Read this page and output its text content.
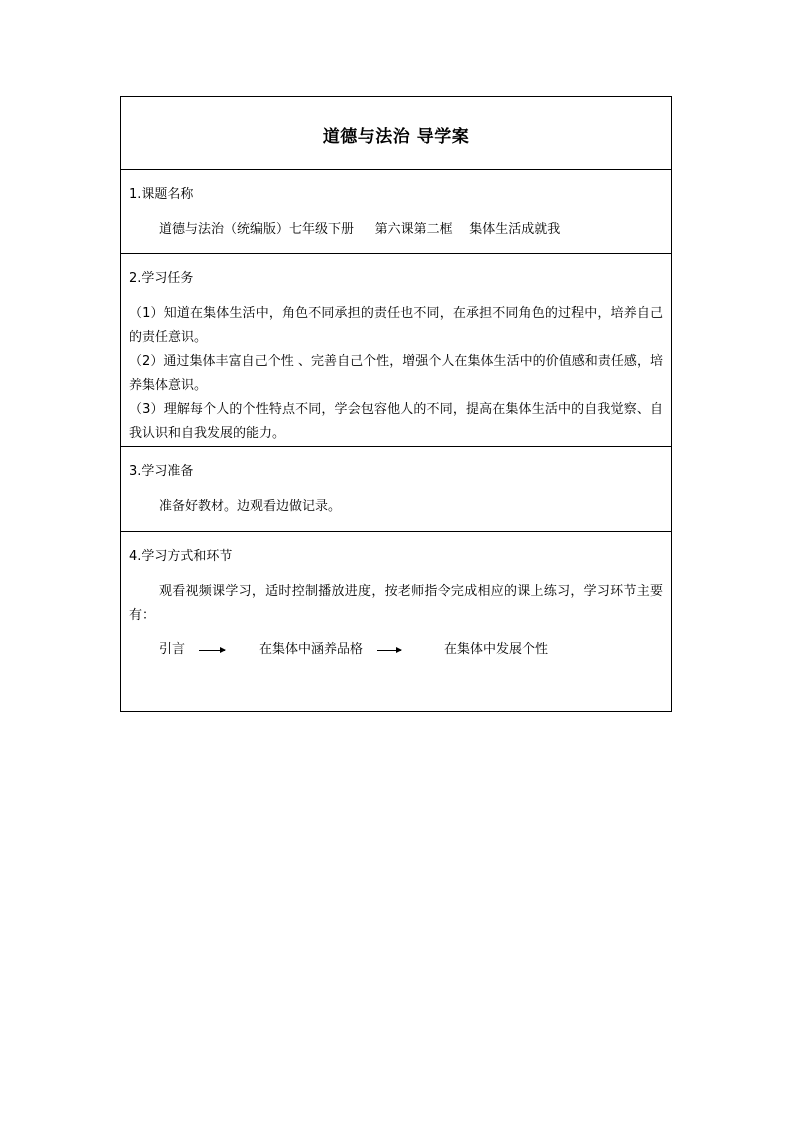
道德与法治 导学案
1.课题名称
道德与法治（统编版）七年级下册     第六课第二框    集体生活成就我
2.学习任务
（1）知道在集体生活中，角色不同承担的责任也不同，在承担不同角色的过程中，培养自己的责任意识。
（2）通过集体丰富自己个性 、完善自己个性，增强个人在集体生活中的价值感和责任感，培养集体意识。
（3）理解每个人的个性特点不同，学会包容他人的不同，提高在集体生活中的自我觉察、自我认识和自我发展的能力。
3.学习准备
准备好教材。边观看边做记录。
4.学习方式和环节
观看视频课学习，适时控制播放进度，按老师指令完成相应的课上练习，学习环节主要有：
引言	在集体中涵养品格	在集体中发展个性
